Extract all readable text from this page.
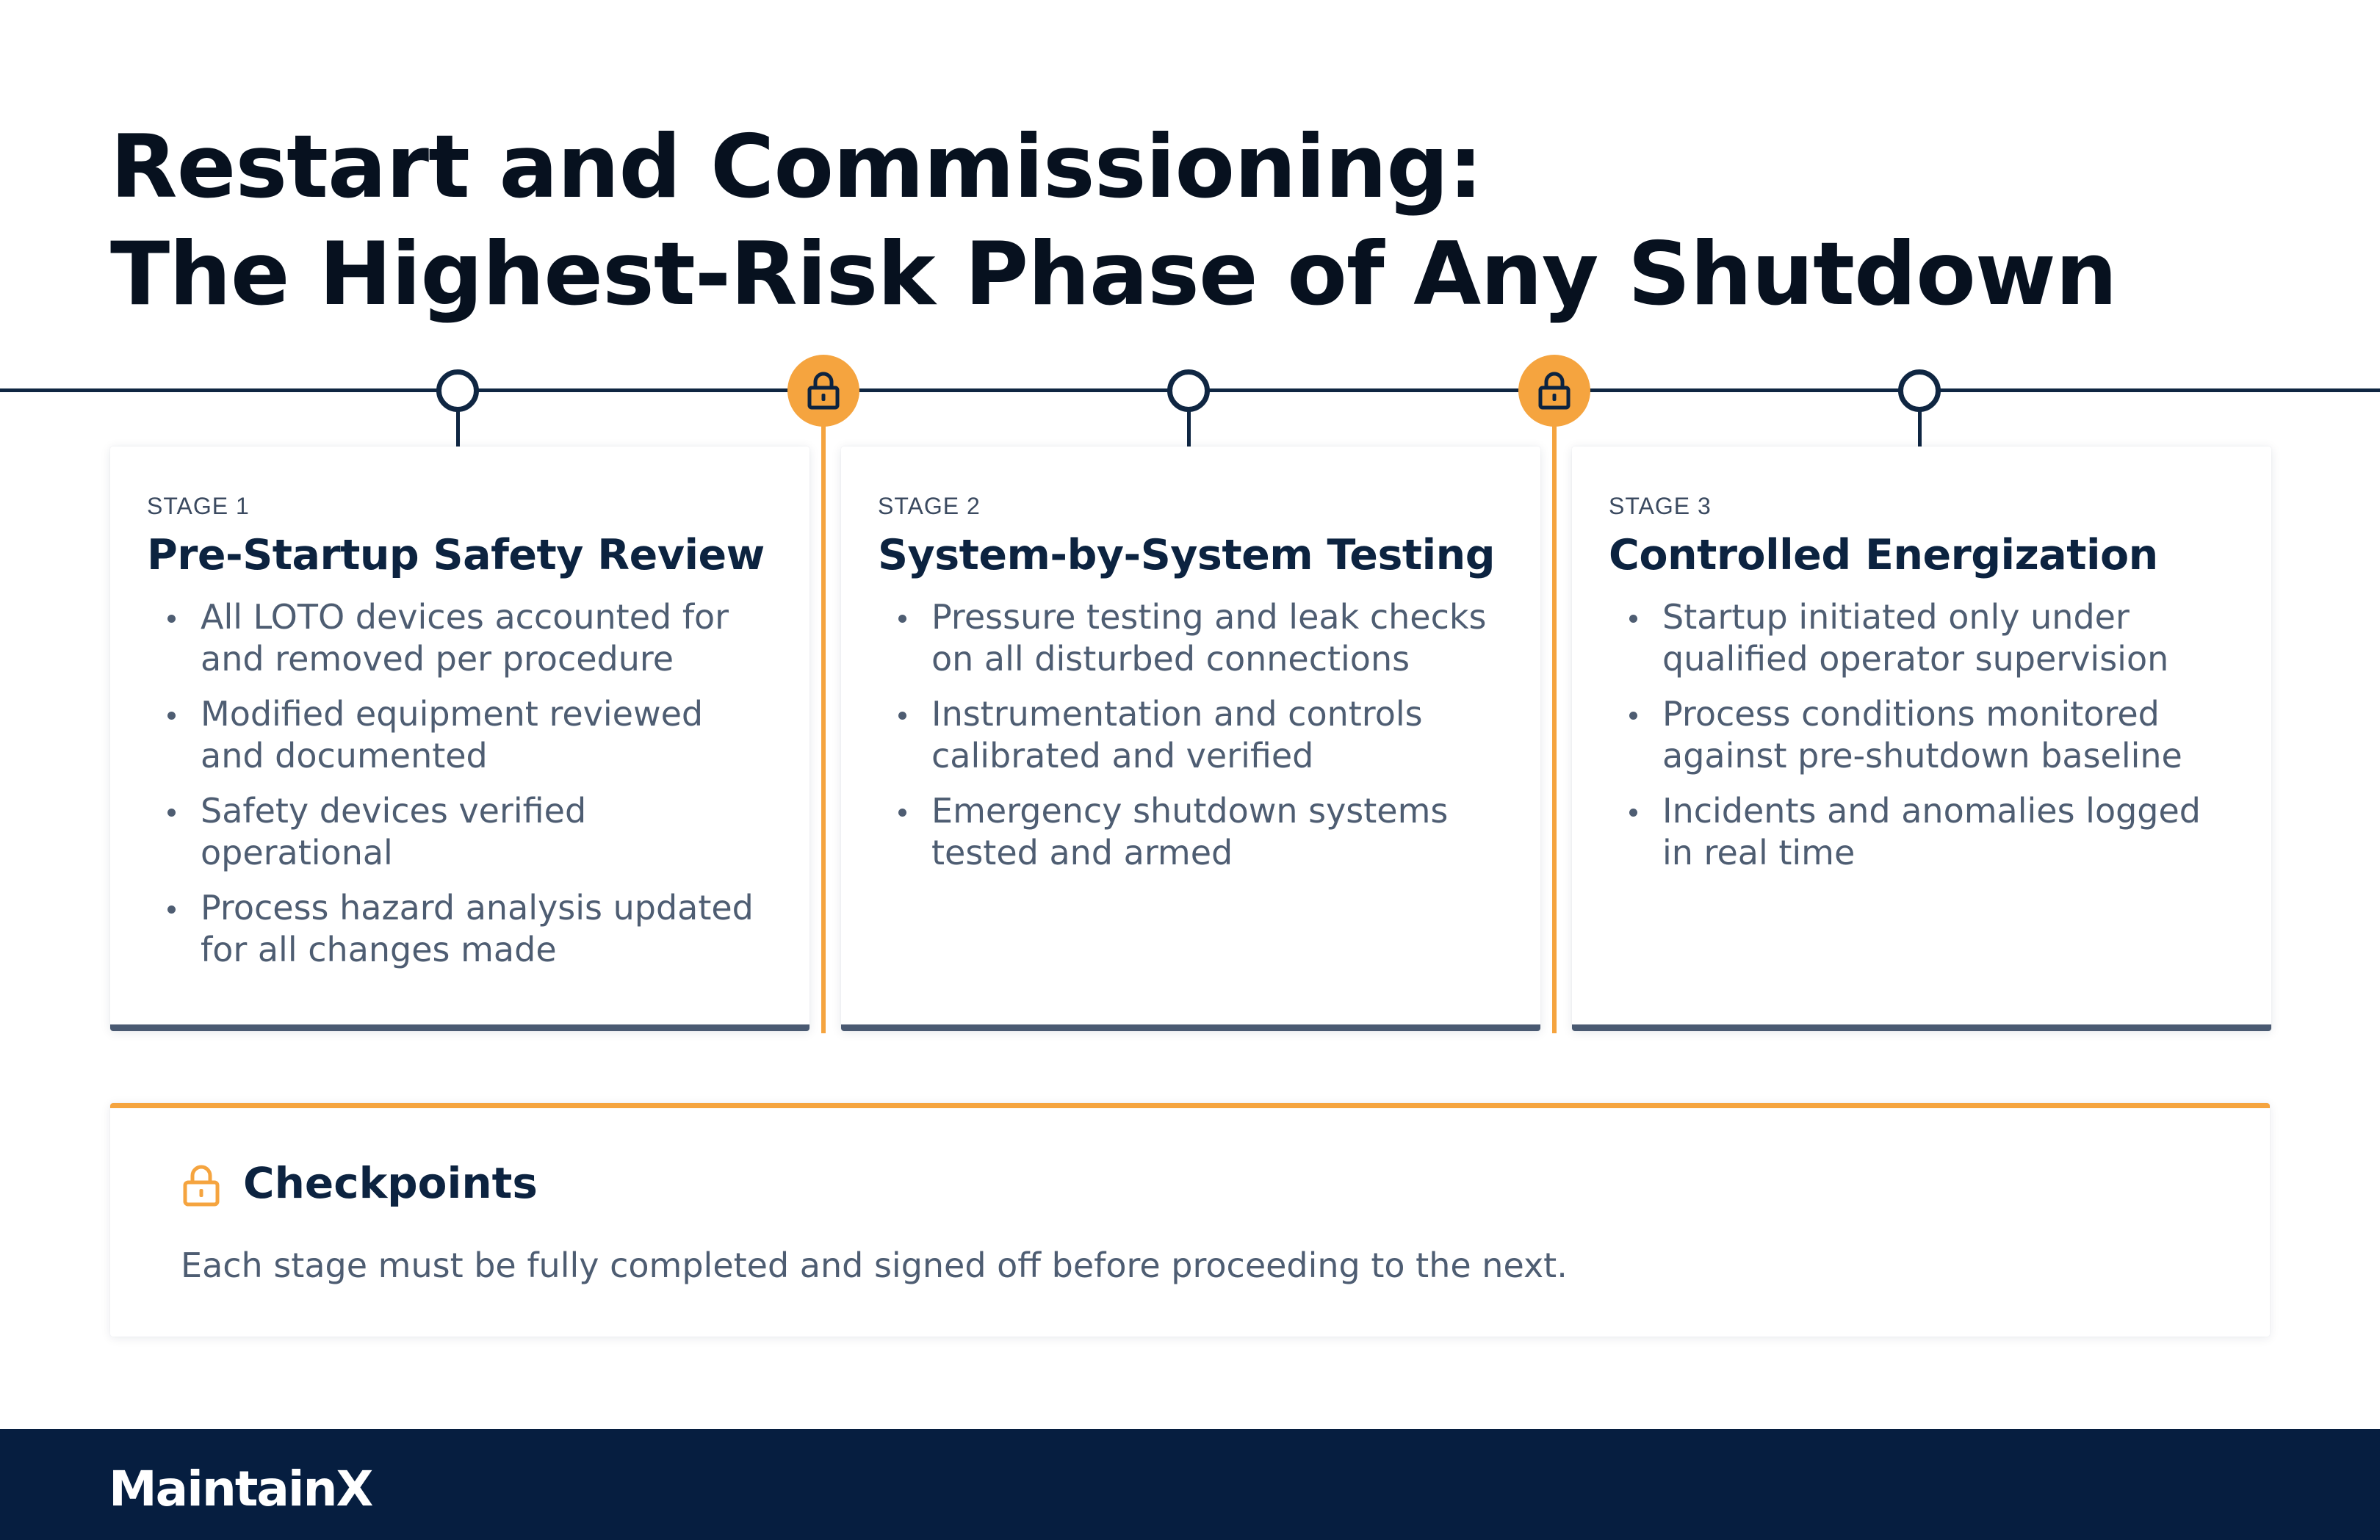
Restart and Commissioning:
The Highest-Risk Phase of Any Shutdown
STAGE 1
Pre-Startup Safety Review
All LOTO devices accounted for and removed per procedure
Modified equipment reviewed and documented
Safety devices verified operational
Process hazard analysis updated for all changes made
STAGE 2
System-by-System Testing
Pressure testing and leak checks on all disturbed connections
Instrumentation and controls calibrated and verified
Emergency shutdown systems tested and armed
STAGE 3
Controlled Energization
Startup initiated only under qualified operator supervision
Process conditions monitored against pre-shutdown baseline
Incidents and anomalies logged in real time
Checkpoints
Each stage must be fully completed and signed off before proceeding to the next.
MaintainX
